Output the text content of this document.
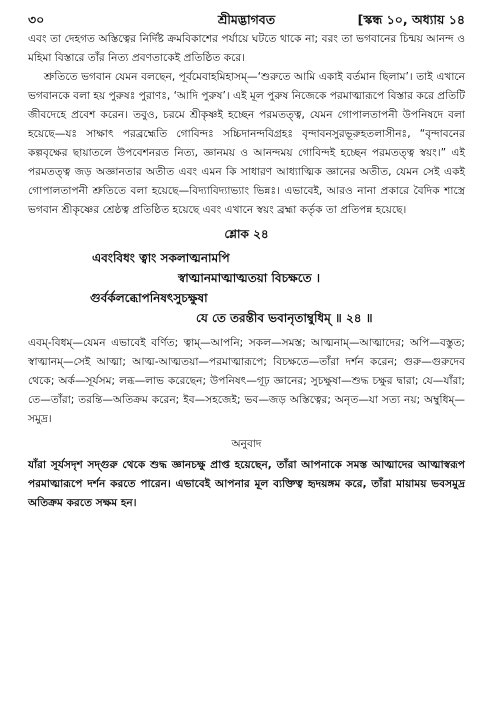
৩০	শ্রীমদ্ভাগবত	[স্কন্ধ ১০, অধ্যায় ১৪

এবং তা দেহগত অস্তিত্বের নির্দিষ্ট ক্রমবিকাশের পর্যায়ে ঘটতে থাকে না; বরং তা ভগবানের চিন্ময় আনন্দ ও মহিমা বিস্তারে তাঁর নিত্য প্রবণতাকেই প্রতিষ্ঠিত করে।

শ্রুতিতে ভগবান যেমন বলছেন, পূর্বমেবাহমিহাসম্‌—‘শুরুতে আমি একাই বর্তমান ছিলাম’। তাই এখানে ভগবানকে বলা হয় পুরুষঃ পুরাণঃ, ‘আদি পুরুষ’। এই মূল পুরুষ নিজেকে পরমাত্মারূপে বিস্তার করে প্রতিটি জীবদেহে প্রবেশ করেন। তবুও, চরমে শ্রীকৃষ্ণই হচ্ছেন পরমতত্ত্ব, যেমন গোপালতাপনী উপনিষদে বলা হয়েছে—যঃ সাক্ষাৎ পরব্রহ্মেতি গোবিন্দঃ সচ্চিদানন্দবিগ্রহঃ বৃন্দাবনসুরভূরুহতলাসীনঃ, “বৃন্দাবনের কল্পবৃক্ষের ছায়াতলে উপবেশনরত নিত্য, জ্ঞানময় ও আনন্দময় গোবিন্দই হচ্ছেন পরমতত্ত্ব স্বয়ং।” এই পরমতত্ত্ব জড় অজ্ঞানতার অতীত এবং এমন কি সাধারণ আধ্যাত্মিক জ্ঞানের অতীত, যেমন সেই একই গোপালতাপনী শ্রুতিতে বলা হয়েছে—বিদ্যাবিদ্যাভ্যাং ভিন্নঃ। এভাবেই, আরও নানা প্রকারে বৈদিক শাস্ত্রে ভগবান শ্রীকৃষ্ণের শ্রেষ্ঠত্ব প্রতিষ্ঠিত হয়েছে এবং এখানে স্বয়ং ব্রহ্মা কর্তৃক তা প্রতিপন্ন হয়েছে।

শ্লোক ২৪
এবংবিধং ত্বাং সকলাত্মনামপি
স্বাত্মানমাত্মাত্মতয়া বিচক্ষতে ।
গুর্বর্কলব্ধোপনিষৎসুচক্ষুষা
যে তে তরন্তীব ভবানৃতাম্বুধিম্‌ ॥ ২৪ ॥

এবম্‌-বিধম্‌—যেমন এভাবেই বর্ণিত; ত্বাম্‌—আপনি; সকল—সমস্ত; আত্মনাম্‌—আত্মাদের; অপি—বস্তুত; স্বাত্মানম্‌—সেই আত্মা; আত্ম-আত্মতয়া—পরমাত্মারূপে; বিচক্ষতে—তাঁরা দর্শন করেন; গুরু—গুরুদেব থেকে; অর্ক—সূর্যসম; লব্ধ—লাভ করেছেন; উপনিষৎ—গূঢ় জ্ঞানের; সুচক্ষুষা—শুদ্ধ চক্ষুর দ্বারা; যে—যাঁরা; তে—তাঁরা; তরন্তি—অতিক্রম করেন; ইব—সহজেই; ভব—জড় অস্তিত্বের; অনৃত—যা সত্য নয়; অম্বুধিম্‌—সমুদ্র।

অনুবাদ

যাঁরা সূর্যসদৃশ সদ্‌গুরু থেকে শুদ্ধ জ্ঞানচক্ষু প্রাপ্ত হয়েছেন, তাঁরা আপনাকে সমস্ত আত্মাদের আত্মাস্বরূপ পরমাত্মারূপে দর্শন করতে পারেন। এভাবেই আপনার মূল ব্যক্তিত্ব হৃদয়ঙ্গম করে, তাঁরা মায়াময় ভবসমুদ্র অতিক্রম করতে সক্ষম হন।
